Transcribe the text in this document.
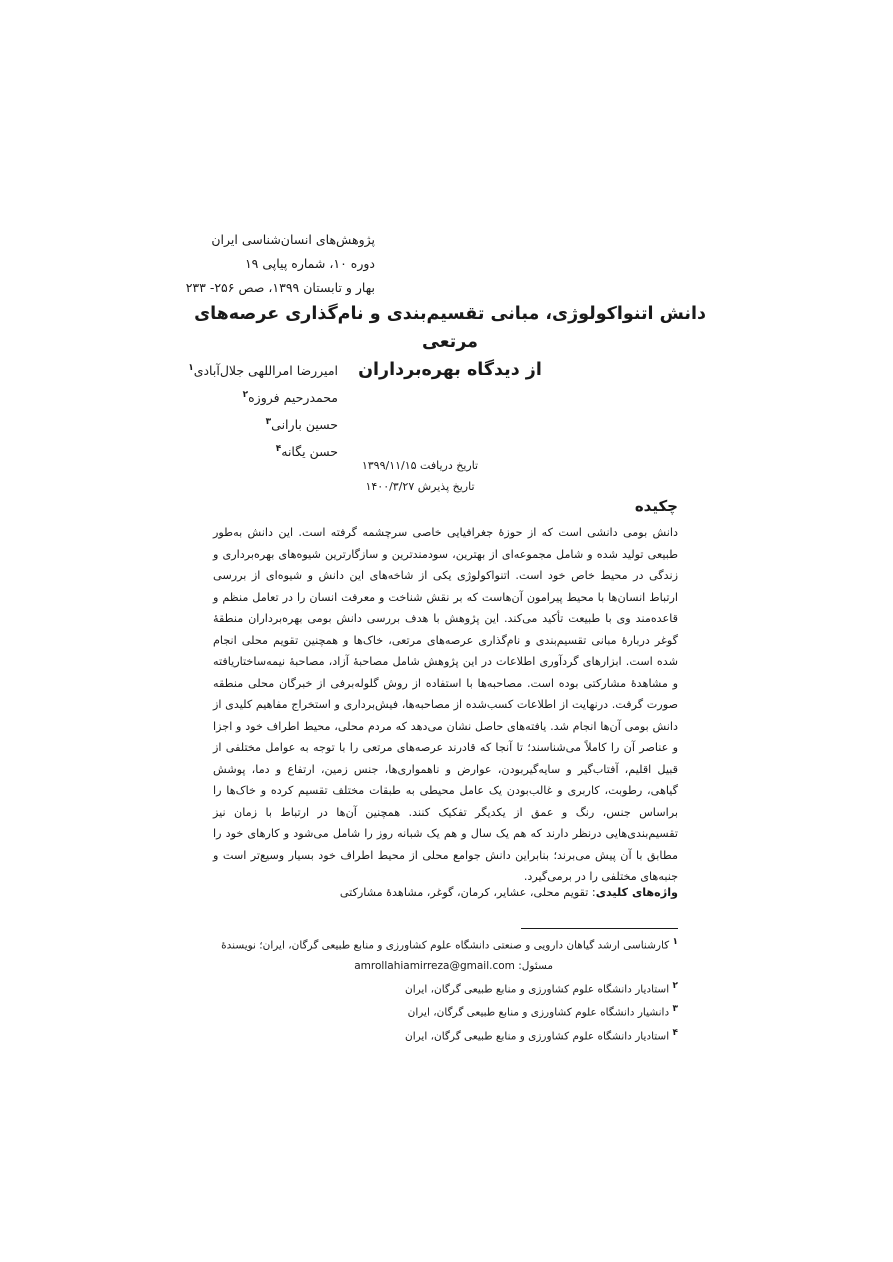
پژوهش‌های انسان‌شناسی ایران
دوره ۱۰، شماره پیاپی ۱۹
بهار و تابستان ۱۳۹۹، صص ۲۵۶- ۲۳۳
دانش اتنواکولوژی، مبانی تقسیم‌بندی و نام‌گذاری عرصه‌های مرتعی
از دیدگاه بهره‌برداران
امیررضا امراللهی جلال‌آبادی$^۱$
محمدرحیم فروزه$^۲$
حسین بارانی$^۳$
حسن یگانه$^۴$
تاریخ دریافت ۱۳۹۹/۱۱/۱۵
تاریخ پذیرش ۱۴۰۰/۳/۲۷
چکیده
دانش بومی دانشی است که از حوزهٔ جغرافیایی خاصی سرچشمه گرفته است. این دانش به‌طور طبیعی تولید شده و شامل مجموعه‌ای از بهترین، سودمندترین و سازگارترین شیوه‌های بهره‌برداری و زندگی در محیط خاص خود است. اتنواکولوژی یکی از شاخه‌های این دانش و شیوه‌ای از بررسی ارتباط انسان‌ها با محیط پیرامون آن‌هاست که بر نقش شناخت و معرفت انسان را در تعامل منظم و قاعده‌مند وی با طبیعت تأکید می‌کند. این پژوهش با هدف بررسی دانش بومی بهره‌برداران منطقهٔ گوغر دربارهٔ مبانی تقسیم‌بندی و نام‌گذاری عرصه‌های مرتعی، خاک‌ها و همچنین تقویم محلی انجام شده است. ابزارهای گردآوری اطلاعات در این پژوهش شامل مصاحبهٔ آزاد، مصاحبهٔ نیمه‌ساختاریافته و مشاهدهٔ مشارکتی بوده است. مصاحبه‌ها با استفاده از روش گلوله‌برفی از خبرگان محلی منطقه صورت گرفت. درنهایت از اطلاعات کسب‌شده از مصاحبه‌ها، فیش‌برداری و استخراج مفاهیم کلیدی از دانش بومی آن‌ها انجام شد. یافته‌های حاصل نشان می‌دهد که مردم محلی، محیط اطراف خود و اجزا و عناصر آن را کاملاً می‌شناسند؛ تا آنجا که قادرند عرصه‌های مرتعی را با توجه به عوامل مختلفی از قبیل اقلیم، آفتاب‌گیر و سایه‌گیربودن، عوارض و ناهمواری‌ها، جنس زمین، ارتفاع و دما، پوشش گیاهی، رطوبت، کاربری و غالب‌بودن یک عامل محیطی به طبقات مختلف تقسیم کرده و خاک‌ها را براساس جنس، رنگ و عمق از یکدیگر تفکیک کنند. همچنین آن‌ها در ارتباط با زمان نیز تقسیم‌بندی‌هایی درنظر دارند که هم یک سال و هم یک شبانه روز را شامل می‌شود و کارهای خود را مطابق با آن پیش می‌برند؛ بنابراین دانش جوامع محلی از محیط اطراف خود بسیار وسیع‌تر است و جنبه‌های مختلفی را در برمی‌گیرد.
واژه‌های کلیدی: تقویم محلی، عشایر، کرمان، گوغر، مشاهدهٔ مشارکتی
$^۱$ کارشناسی ارشد گیاهان دارویی و صنعتی دانشگاه علوم کشاورزی و منابع طبیعی گرگان، ایران؛ نویسندهٔ
مسئول: amrollahiamirreza@gmail.com
$^۲$ استادیار دانشگاه علوم کشاورزی و منابع طبیعی گرگان، ایران
$^۳$ دانشیار دانشگاه علوم کشاورزی و منابع طبیعی گرگان، ایران
$^۴$ استادیار دانشگاه علوم کشاورزی و منابع طبیعی گرگان، ایران
